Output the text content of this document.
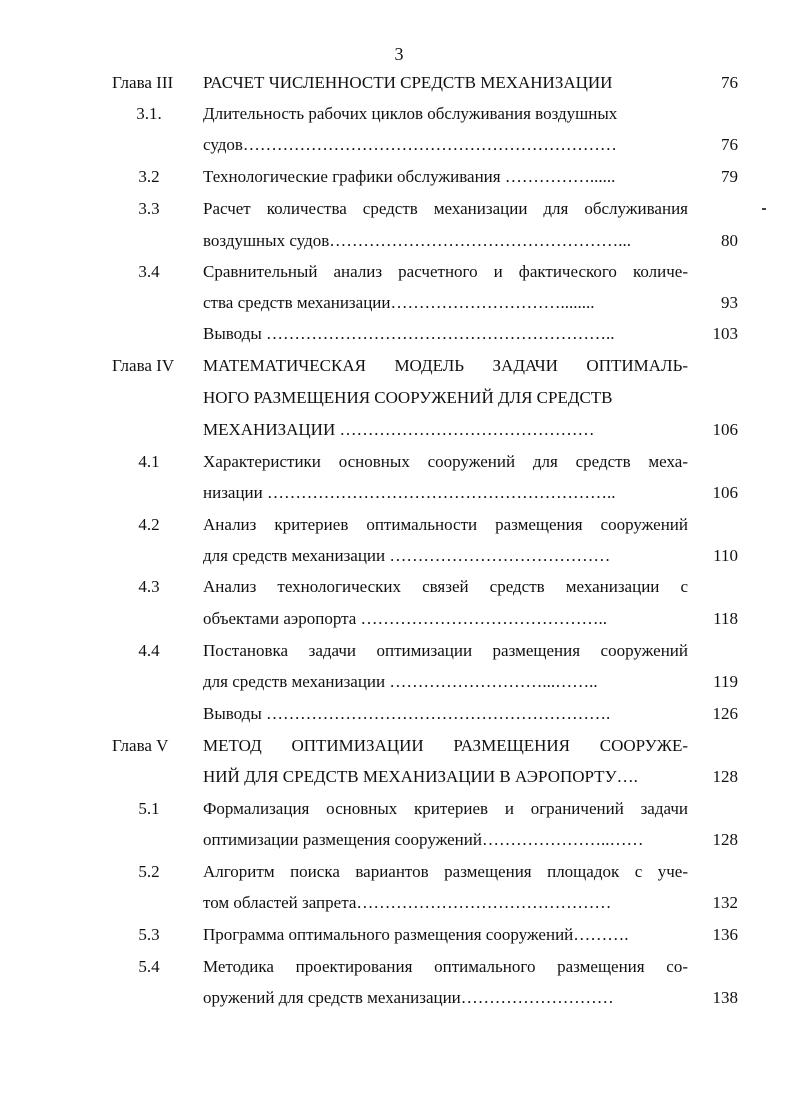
3
Глава III РАСЧЕТ ЧИСЛЕННОСТИ СРЕДСТВ МЕХАНИЗАЦИИ	76
3.1.	Длительность рабочих циклов обслуживания воздушных
судов…………………………………………………………	76
3.2	Технологические графики обслуживания ……………......	79
3.3	Расчет количества средств механизации для обслуживания
воздушных судов……………………………………………...	80
3.4	Сравнительный анализ расчетного и фактического количе-
ства средств механизации…………………………........	93
Выводы ……………………………………………………..	103
Глава IV МАТЕМАТИЧЕСКАЯ МОДЕЛЬ ЗАДАЧИ ОПТИМАЛЬ-
НОГО РАЗМЕЩЕНИЯ СООРУЖЕНИЙ ДЛЯ СРЕДСТВ
МЕХАНИЗАЦИИ ………………………………………	106
4.1	Характеристики основных сооружений для средств меха-
низации ……………………………………………………..	106
4.2	Анализ критериев оптимальности размещения сооружений
для средств механизации …………………………………	110
4.3	Анализ технологических связей средств механизации с
объектами аэропорта ……………………………………..	118
4.4	Постановка задачи оптимизации размещения сооружений
для средств механизации ………………………...……..	119
Выводы …………………………………………………….	126
Глава V МЕТОД ОПТИМИЗАЦИИ РАЗМЕЩЕНИЯ СООРУЖЕ-
НИЙ ДЛЯ СРЕДСТВ МЕХАНИЗАЦИИ В АЭРОПОРТУ….	128
5.1	Формализация основных критериев и ограничений задачи
оптимизации размещения сооружений…………………..……	128
5.2	Алгоритм поиска вариантов размещения площадок с уче-
том областей запрета………………………………………	132
5.3	Программа оптимального размещения сооружений……….	136
5.4	Методика проектирования оптимального размещения со-
оружений для средств механизации………………………	138
